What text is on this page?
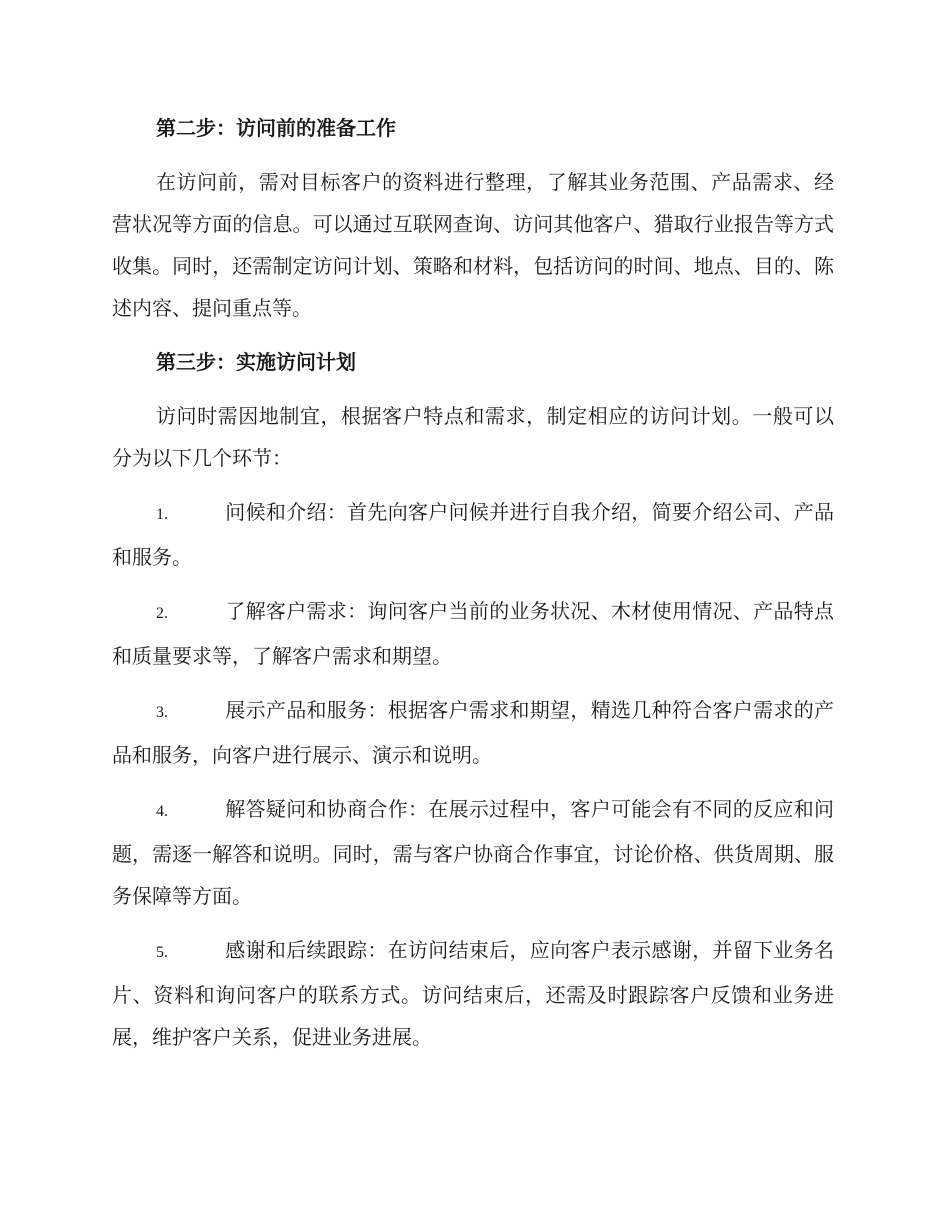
第二步：访问前的准备工作

在访问前，需对目标客户的资料进行整理，了解其业务范围、产品需求、经营状况等方面的信息。可以通过互联网查询、访问其他客户、猎取行业报告等方式收集。同时，还需制定访问计划、策略和材料，包括访问的时间、地点、目的、陈述内容、提问重点等。

第三步：实施访问计划

访问时需因地制宜，根据客户特点和需求，制定相应的访问计划。一般可以分为以下几个环节：

1.	问候和介绍：首先向客户问候并进行自我介绍，简要介绍公司、产品和服务。

2.	了解客户需求：询问客户当前的业务状况、木材使用情况、产品特点和质量要求等，了解客户需求和期望。

3.	展示产品和服务：根据客户需求和期望，精选几种符合客户需求的产品和服务，向客户进行展示、演示和说明。

4.	解答疑问和协商合作：在展示过程中，客户可能会有不同的反应和问题，需逐一解答和说明。同时，需与客户协商合作事宜，讨论价格、供货周期、服务保障等方面。

5.	感谢和后续跟踪：在访问结束后，应向客户表示感谢，并留下业务名片、资料和询问客户的联系方式。访问结束后，还需及时跟踪客户反馈和业务进展，维护客户关系，促进业务进展。
